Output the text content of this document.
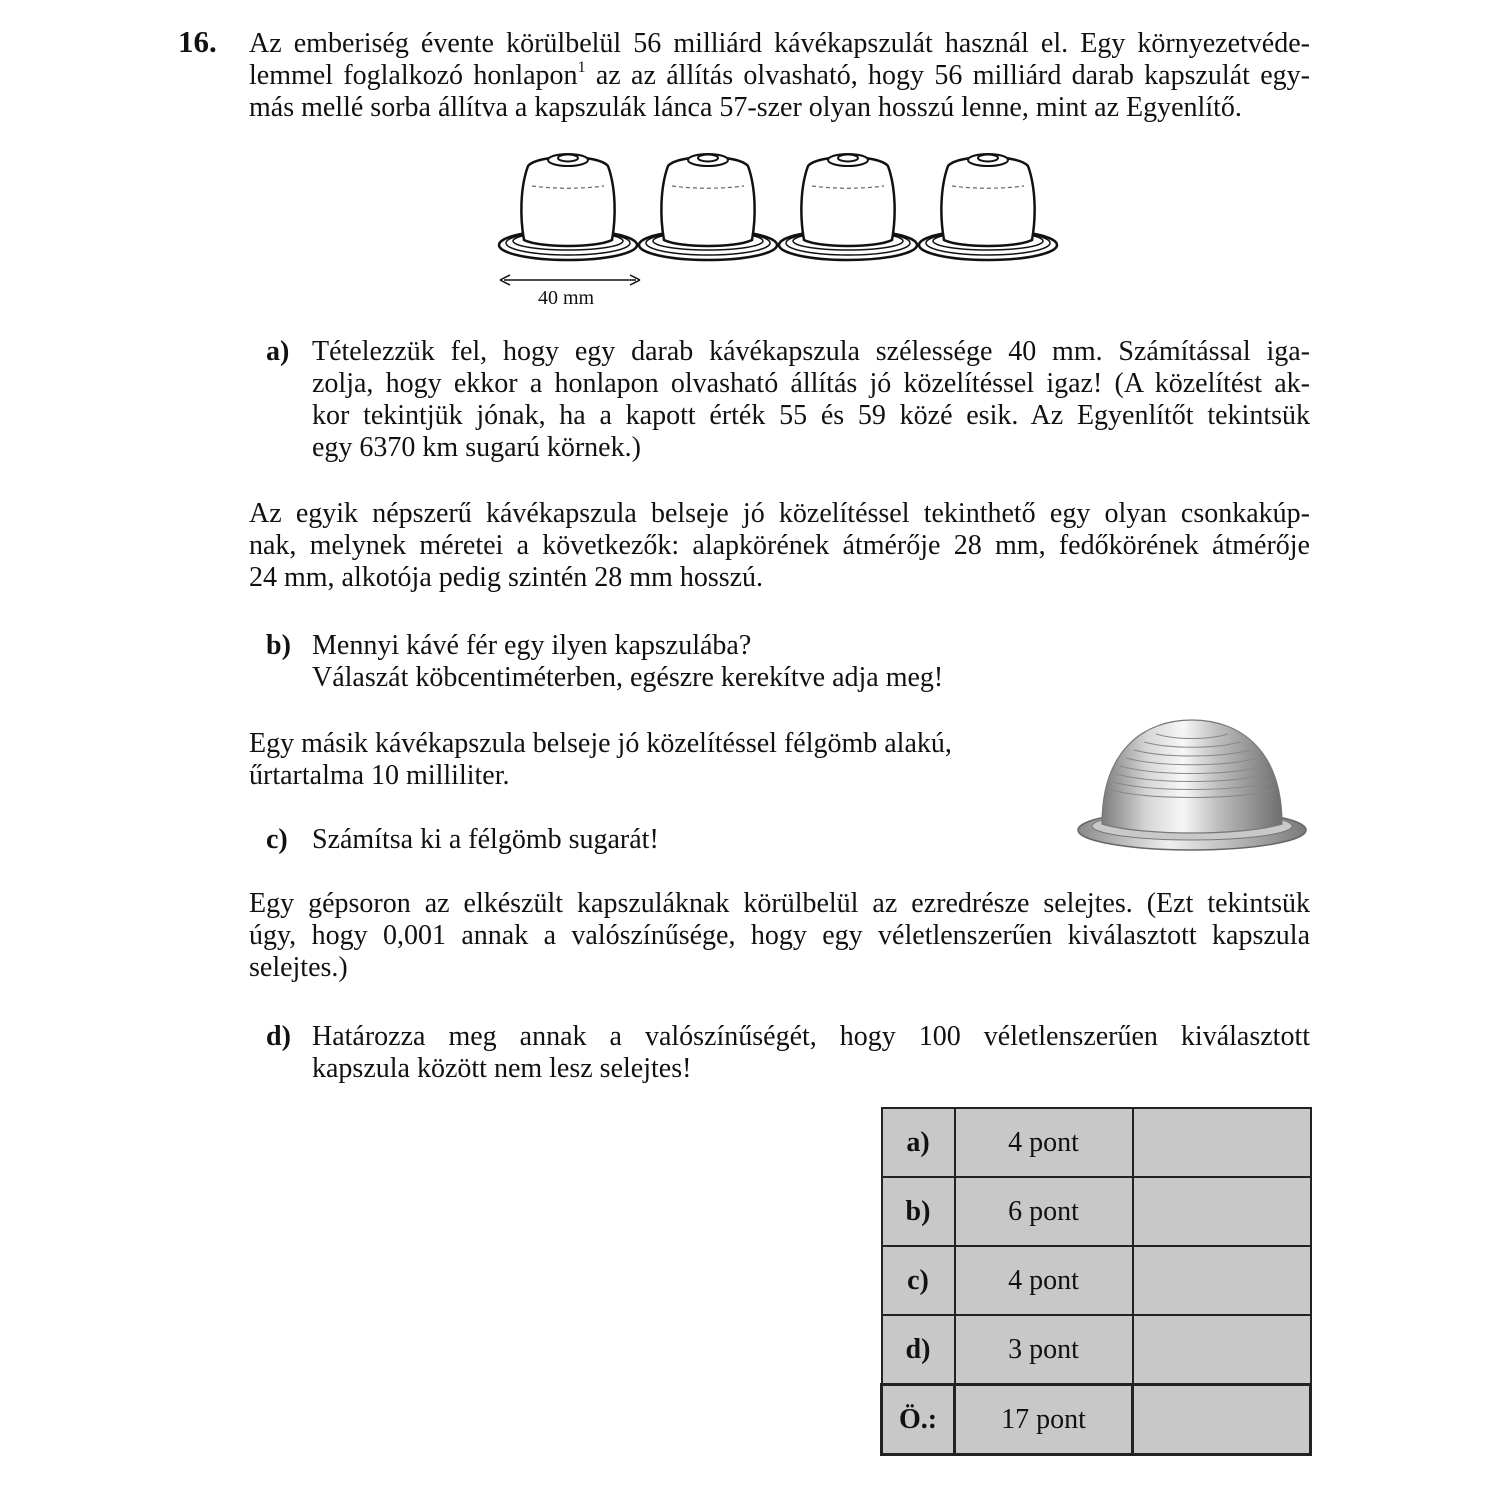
16. Az emberiség évente körülbelül 56 milliárd kávékapszulát használ el. Egy környezetvéde-
lemmel foglalkozó honlapon$^1$ az az állítás olvasható, hogy 56 milliárd darab kapszulát egy-
más mellé sorba állítva a kapszulák lánca 57-szer olyan hosszú lenne, mint az Egyenlítő.
40 mm
a) Tételezzük fel, hogy egy darab kávékapszula szélessége 40 mm. Számítással iga-
zolja, hogy ekkor a honlapon olvasható állítás jó közelítéssel igaz! (A közelítést ak-
kor tekintjük jónak, ha a kapott érték 55 és 59 közé esik. Az Egyenlítőt tekintsük
egy 6370 km sugarú körnek.)
Az egyik népszerű kávékapszula belseje jó közelítéssel tekinthető egy olyan csonkakúp-
nak, melynek méretei a következők: alapkörének átmérője 28 mm, fedőkörének átmérője
24 mm, alkotója pedig szintén 28 mm hosszú.
b) Mennyi kávé fér egy ilyen kapszulába?
Válaszát köbcentiméterben, egészre kerekítve adja meg!
Egy másik kávékapszula belseje jó közelítéssel félgömb alakú,
űrtartalma 10 milliliter.
c) Számítsa ki a félgömb sugarát!
Egy gépsoron az elkészült kapszuláknak körülbelül az ezredrésze selejtes. (Ezt tekintsük
úgy, hogy 0,001 annak a valószínűsége, hogy egy véletlenszerűen kiválasztott kapszula
selejtes.)
d) Határozza meg annak a valószínűségét, hogy 100 véletlenszerűen kiválasztott
kapszula között nem lesz selejtes!
a)	4 pont	
b)	6 pont	
c)	4 pont	
d)	3 pont	
Ö.:	17 pont	
